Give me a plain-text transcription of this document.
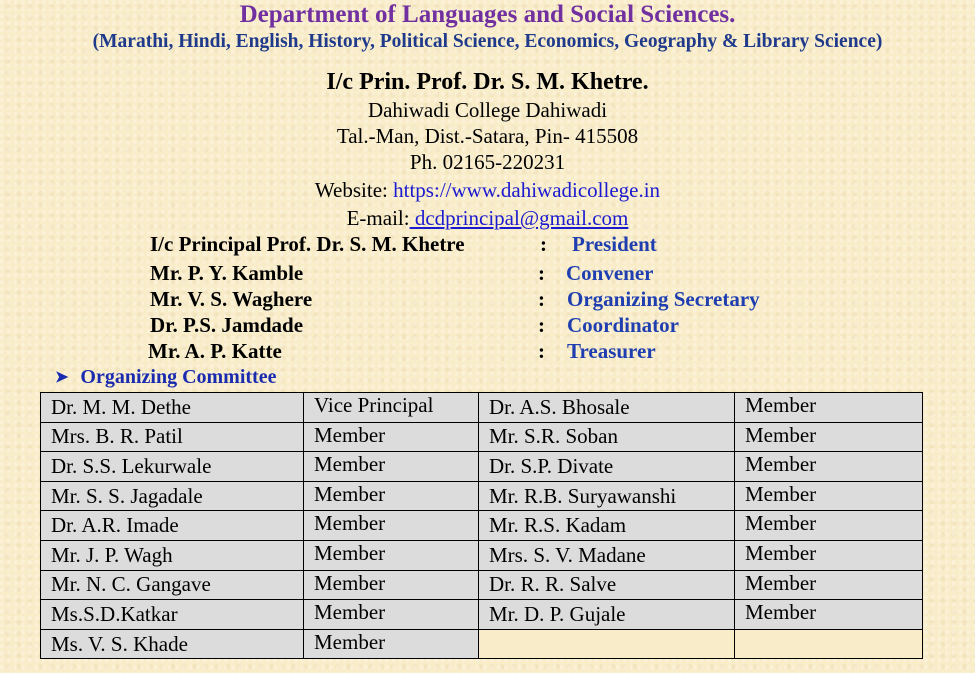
Department of Languages and Social Sciences.
(Marathi, Hindi, English, History, Political Science, Economics, Geography & Library Science)
I/c Prin. Prof. Dr. S. M. Khetre.
Dahiwadi College Dahiwadi
Tal.-Man, Dist.-Satara, Pin- 415508
Ph. 02165-220231
Website: https://www.dahiwadicollege.in
E-mail: dcdprincipal@gmail.com
I/c Principal Prof. Dr. S. M. Khetre	: President
Mr. P. Y. Kamble	: Convener
Mr. V. S. Waghere	: Organizing Secretary
Dr. P.S. Jamdade	: Coordinator
Mr. A. P. Katte	: Treasurer
➤ Organizing Committee
Dr. M. M. Dethe	Vice Principal	Dr. A.S. Bhosale	Member
Mrs. B. R. Patil	Member	Mr. S.R. Soban	Member
Dr. S.S. Lekurwale	Member	Dr. S.P. Divate	Member
Mr. S. S. Jagadale	Member	Mr. R.B. Suryawanshi	Member
Dr. A.R. Imade	Member	Mr. R.S. Kadam	Member
Mr. J. P. Wagh	Member	Mrs. S. V. Madane	Member
Mr. N. C. Gangave	Member	Dr. R. R. Salve	Member
Ms.S.D.Katkar	Member	Mr. D. P. Gujale	Member
Ms. V. S. Khade	Member		
